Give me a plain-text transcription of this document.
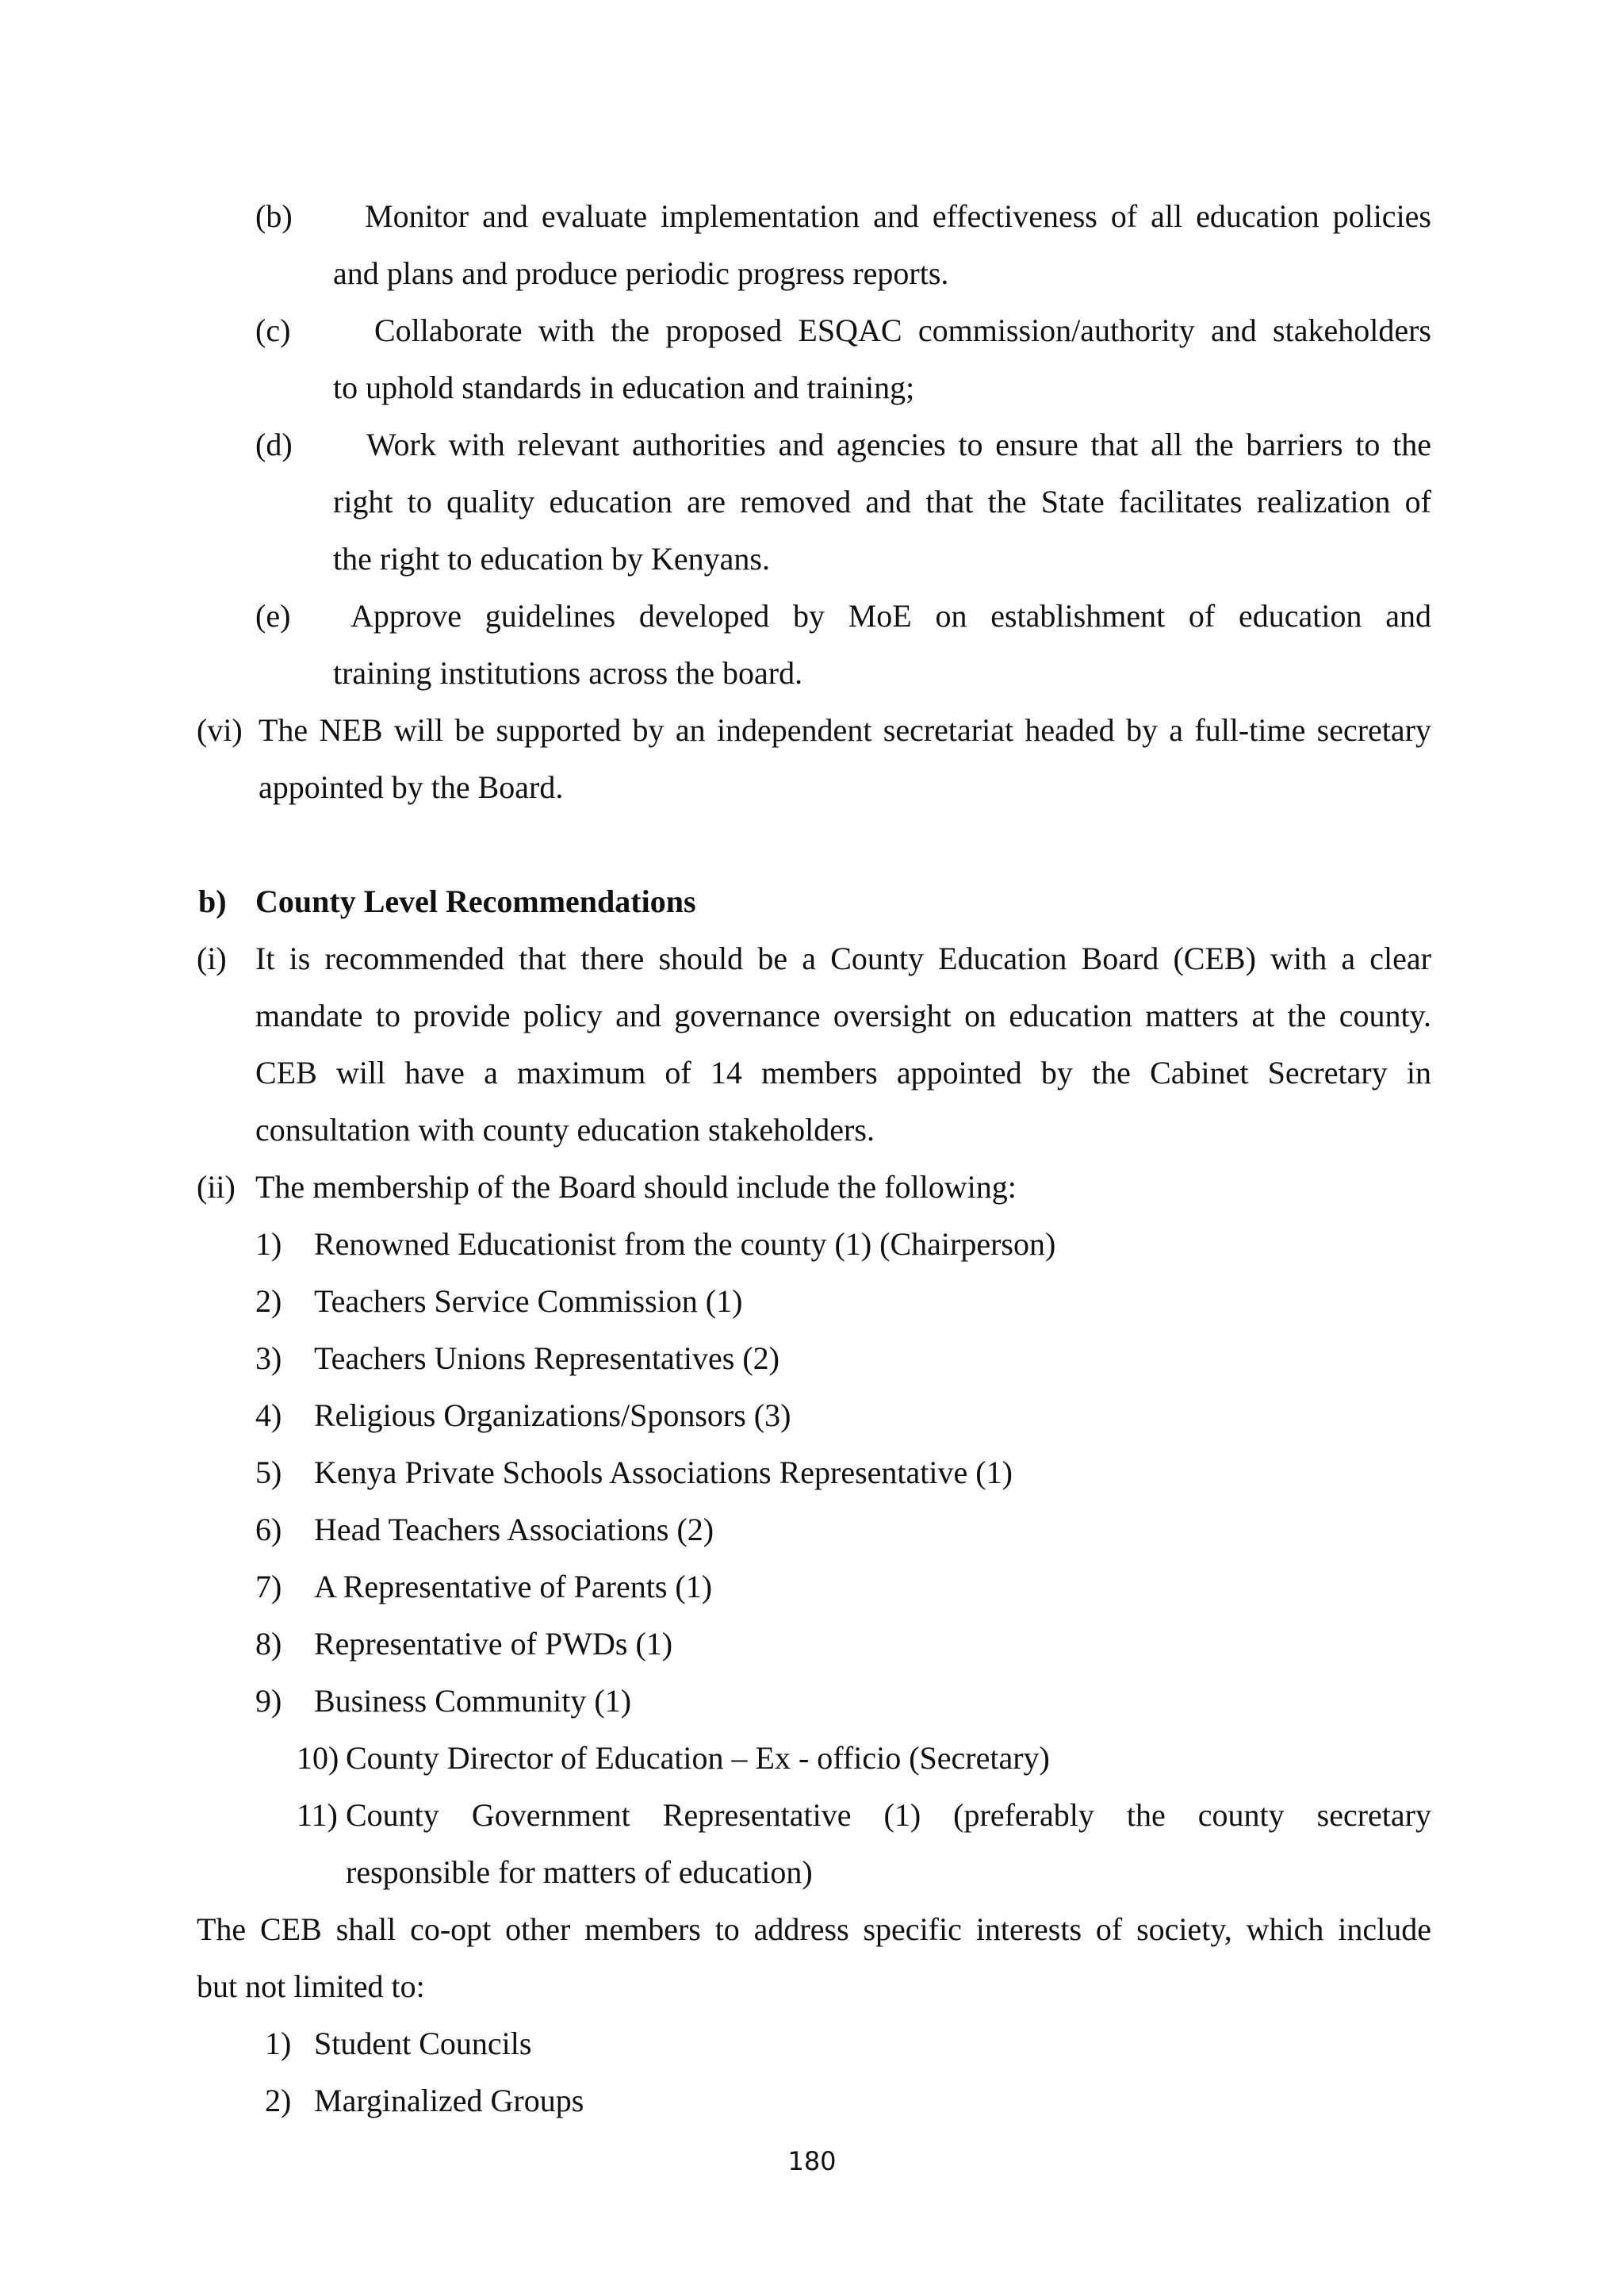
(b) Monitor and evaluate implementation and effectiveness of all education policies
and plans and produce periodic progress reports.
(c)	Collaborate with the proposed ESQAC commission/authority and stakeholders
to uphold standards in education and training;
(d) Work with relevant authorities and agencies to ensure that all the barriers to the
right to quality education are removed and that the State facilitates realization of
the right to education by Kenyans.
(e) Approve guidelines developed by MoE on establishment of education and
training institutions across the board.
(vi) The NEB will be supported by an independent secretariat headed by a full-time secretary
appointed by the Board.
b) County Level Recommendations
(i) It is recommended that there should be a County Education Board (CEB) with a clear
mandate to provide policy and governance oversight on education matters at the county.
CEB will have a maximum of 14 members appointed by the Cabinet Secretary in
consultation with county education stakeholders.
(ii) The membership of the Board should include the following:
1) Renowned Educationist from the county (1) (Chairperson)
2) Teachers Service Commission (1)
3) Teachers Unions Representatives (2)
4) Religious Organizations/Sponsors (3)
5) Kenya Private Schools Associations Representative (1)
6) Head Teachers Associations (2)
7) A Representative of Parents (1)
8) Representative of PWDs (1)
9) Business Community (1)
10) County Director of Education – Ex - officio (Secretary)
11) County Government Representative (1) (preferably the county secretary
responsible for matters of education)
The CEB shall co-opt other members to address specific interests of society, which include
but not limited to:
1) Student Councils
2) Marginalized Groups
180
